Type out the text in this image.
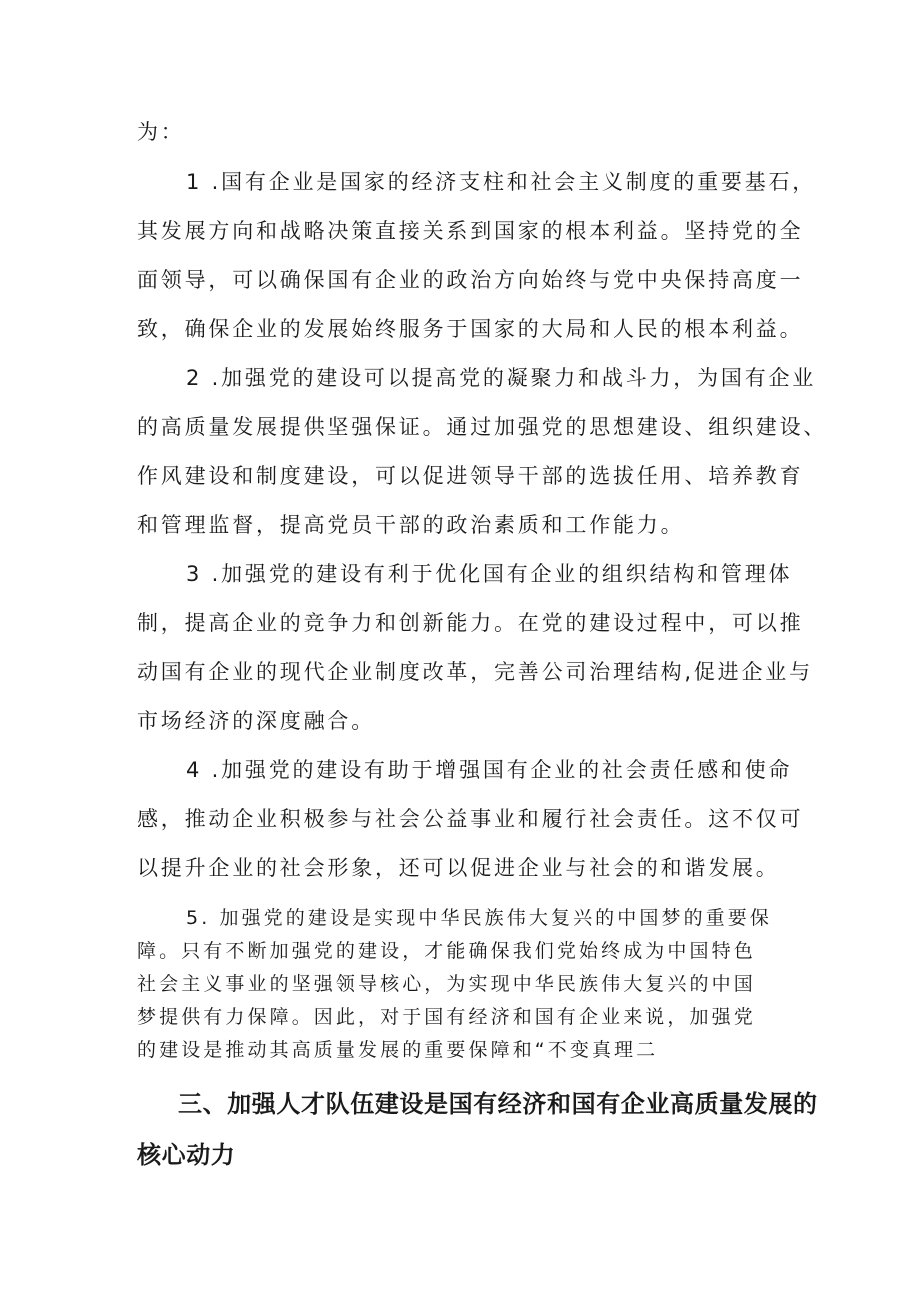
为：
1 .国有企业是国家的经济支柱和社会主义制度的重要基石，
其发展方向和战略决策直接关系到国家的根本利益。坚持党的全
面领导，可以确保国有企业的政治方向始终与党中央保持高度一
致，确保企业的发展始终服务于国家的大局和人民的根本利益。
2 .加强党的建设可以提高党的凝聚力和战斗力，为国有企业
的高质量发展提供坚强保证。通过加强党的思想建设、组织建设、
作风建设和制度建设，可以促进领导干部的选拔任用、培养教育
和管理监督，提高党员干部的政治素质和工作能力。
3 .加强党的建设有利于优化国有企业的组织结构和管理体
制，提高企业的竞争力和创新能力。在党的建设过程中，可以推
动国有企业的现代企业制度改革，完善公司治理结构,促进企业与
市场经济的深度融合。
4 .加强党的建设有助于增强国有企业的社会责任感和使命
感，推动企业积极参与社会公益事业和履行社会责任。这不仅可
以提升企业的社会形象，还可以促进企业与社会的和谐发展。
5. 加强党的建设是实现中华民族伟大复兴的中国梦的重要保
障。只有不断加强党的建设，才能确保我们党始终成为中国特色
社会主义事业的坚强领导核心，为实现中华民族伟大复兴的中国
梦提供有力保障。因此，对于国有经济和国有企业来说，加强党
的建设是推动其高质量发展的重要保障和“不变真理二
三、加强人才队伍建设是国有经济和国有企业高质量发展的
核心动力
